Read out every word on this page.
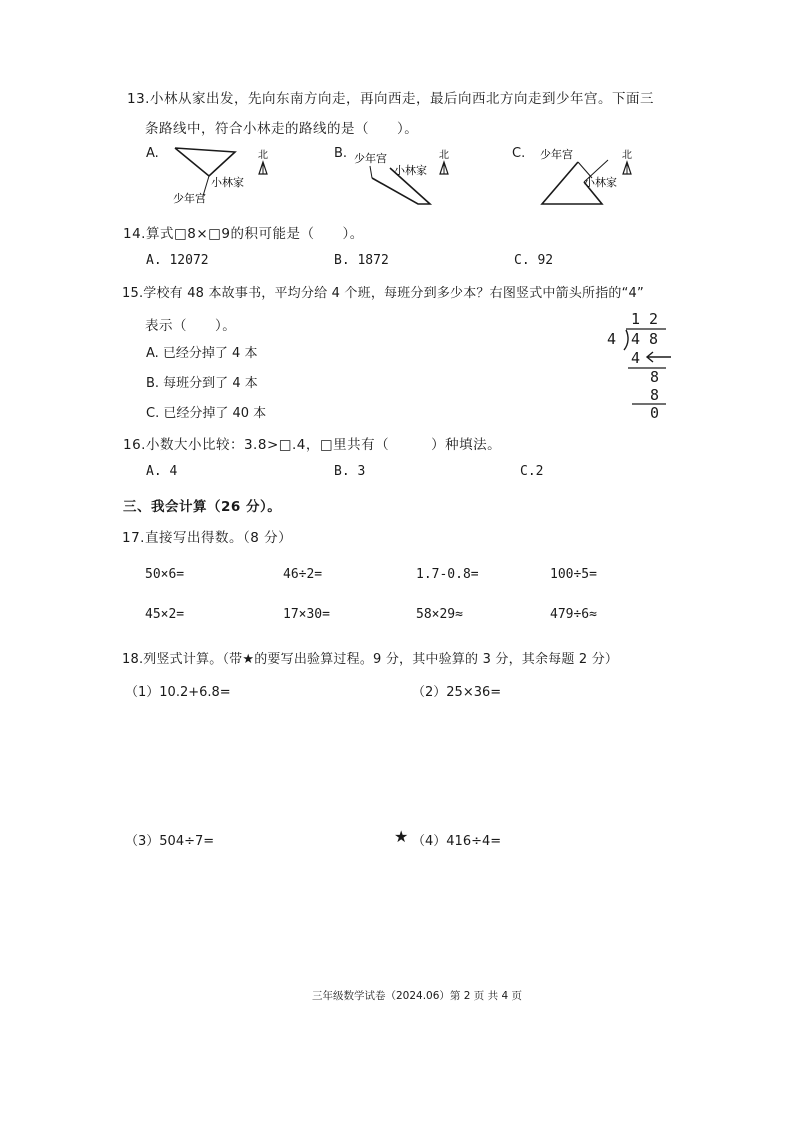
13.小林从家出发，先向东南方向走，再向西走，最后向西北方向走到少年宫。下面三
条路线中，符合小林走的路线的是（　　）。
A.
小林家
少年宫
北	B. 少年宫
小林家
北	C. 少年宫
小林家
北
14.算式□8×□9的积可能是（　　）。
A. 12072	B. 1872	C. 92
15.学校有 48 本故事书，平均分给 4 个班，每班分到多少本？右图竖式中箭头所指的“4”
表示（　　）。
A. 已经分掉了 4 本
B. 每班分到了 4 本
C. 已经分掉了 40 本
1 2
4 4 8
4
8
8
0
16.小数大小比较：3.8>□.4，□里共有（　　　）种填法。
A. 4	B. 3	C.2
三、我会计算（26 分）。
17.直接写出得数。（8 分）
50×6=	46÷2=	1.7-0.8=	100÷5=
45×2=	17×30=	58×29≈	479÷6≈
18.列竖式计算。（带★的要写出验算过程。9 分，其中验算的 3 分，其余每题 2 分）
（1）10.2+6.8=	（2）25×36=
（3）504÷7=	★ （4）416÷4=
三年级数学试卷（2024.06）第 2 页 共 4 页
